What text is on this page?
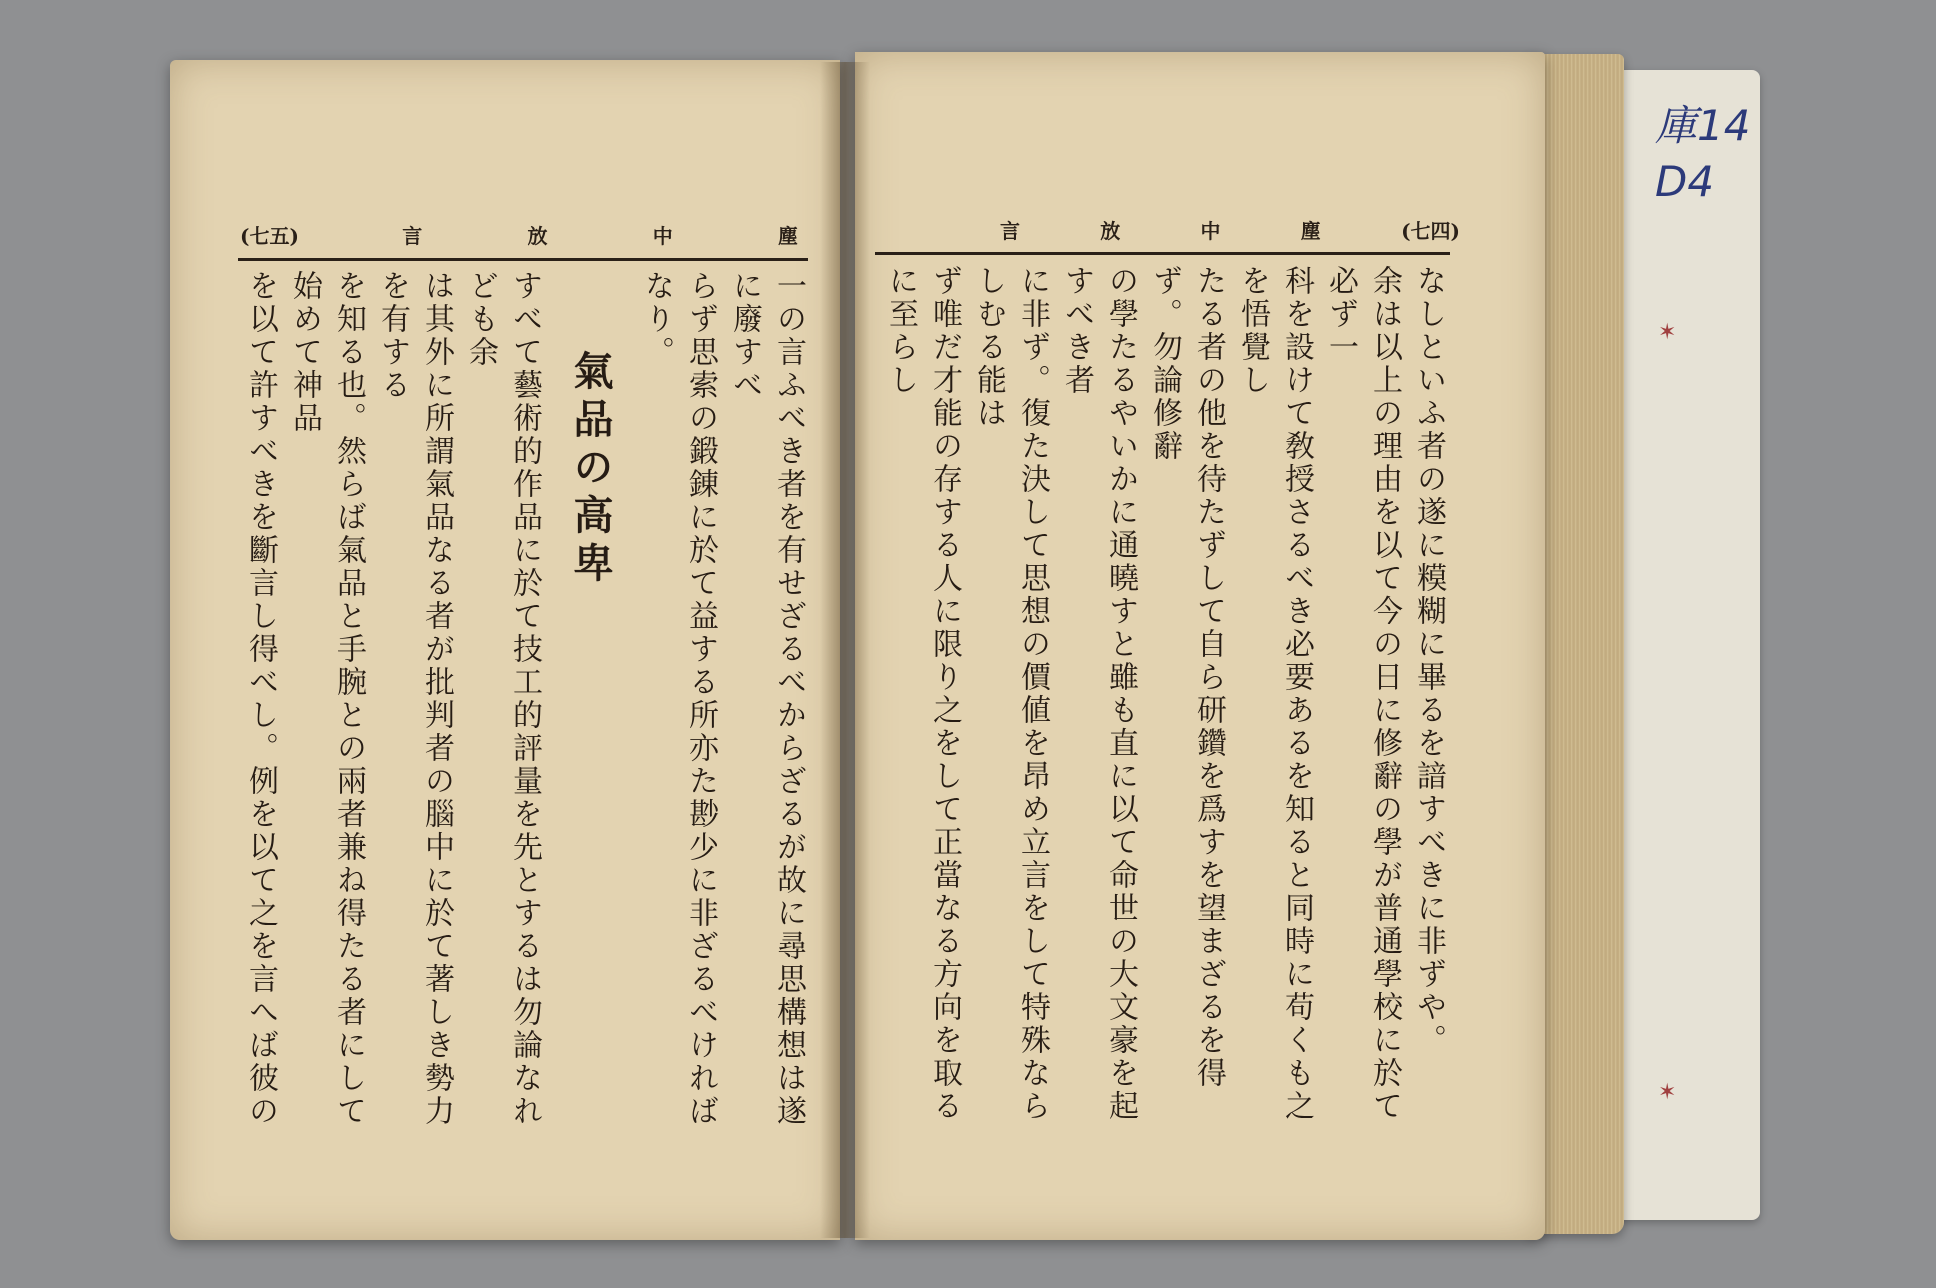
庫14
D4
✶
✶
(七五)	言	放	中	塵	言	放	中	塵	(七四)
一の言ふべき者を有せざるべからざるが故に尋思構想は遂に廢すべ
らず思索の鍛錬に於て益する所亦た尠少に非ざるべければなり。
氣品の高卑
すべて藝術的作品に於て技工的評量を先とするは勿論なれども余
は其外に所謂氣品なる者が批判者の腦中に於て著しき勢力を有する
を知る也。然らば氣品と手腕との兩者兼ね得たる者にして始めて神品
を以て許すべきを斷言し得べし。例を以て之を言へば彼の
なしといふ者の遂に糢糊に畢るを諳すべきに非ずや。
余は以上の理由を以て今の日に修辭の學が普通學校に於て必ず一
科を設けて敎授さるべき必要あるを知ると同時に苟くも之を悟覺し
たる者の他を待たずして自ら研鑽を爲すを望まざるを得ず。勿論修辭
の學たるやいかに通曉すと雖も直に以て命世の大文豪を起すべき者
に非ず。復た決して思想の價値を昂め立言をして特殊ならしむる能は
ず唯だ才能の存する人に限り之をして正當なる方向を取るに至らし
